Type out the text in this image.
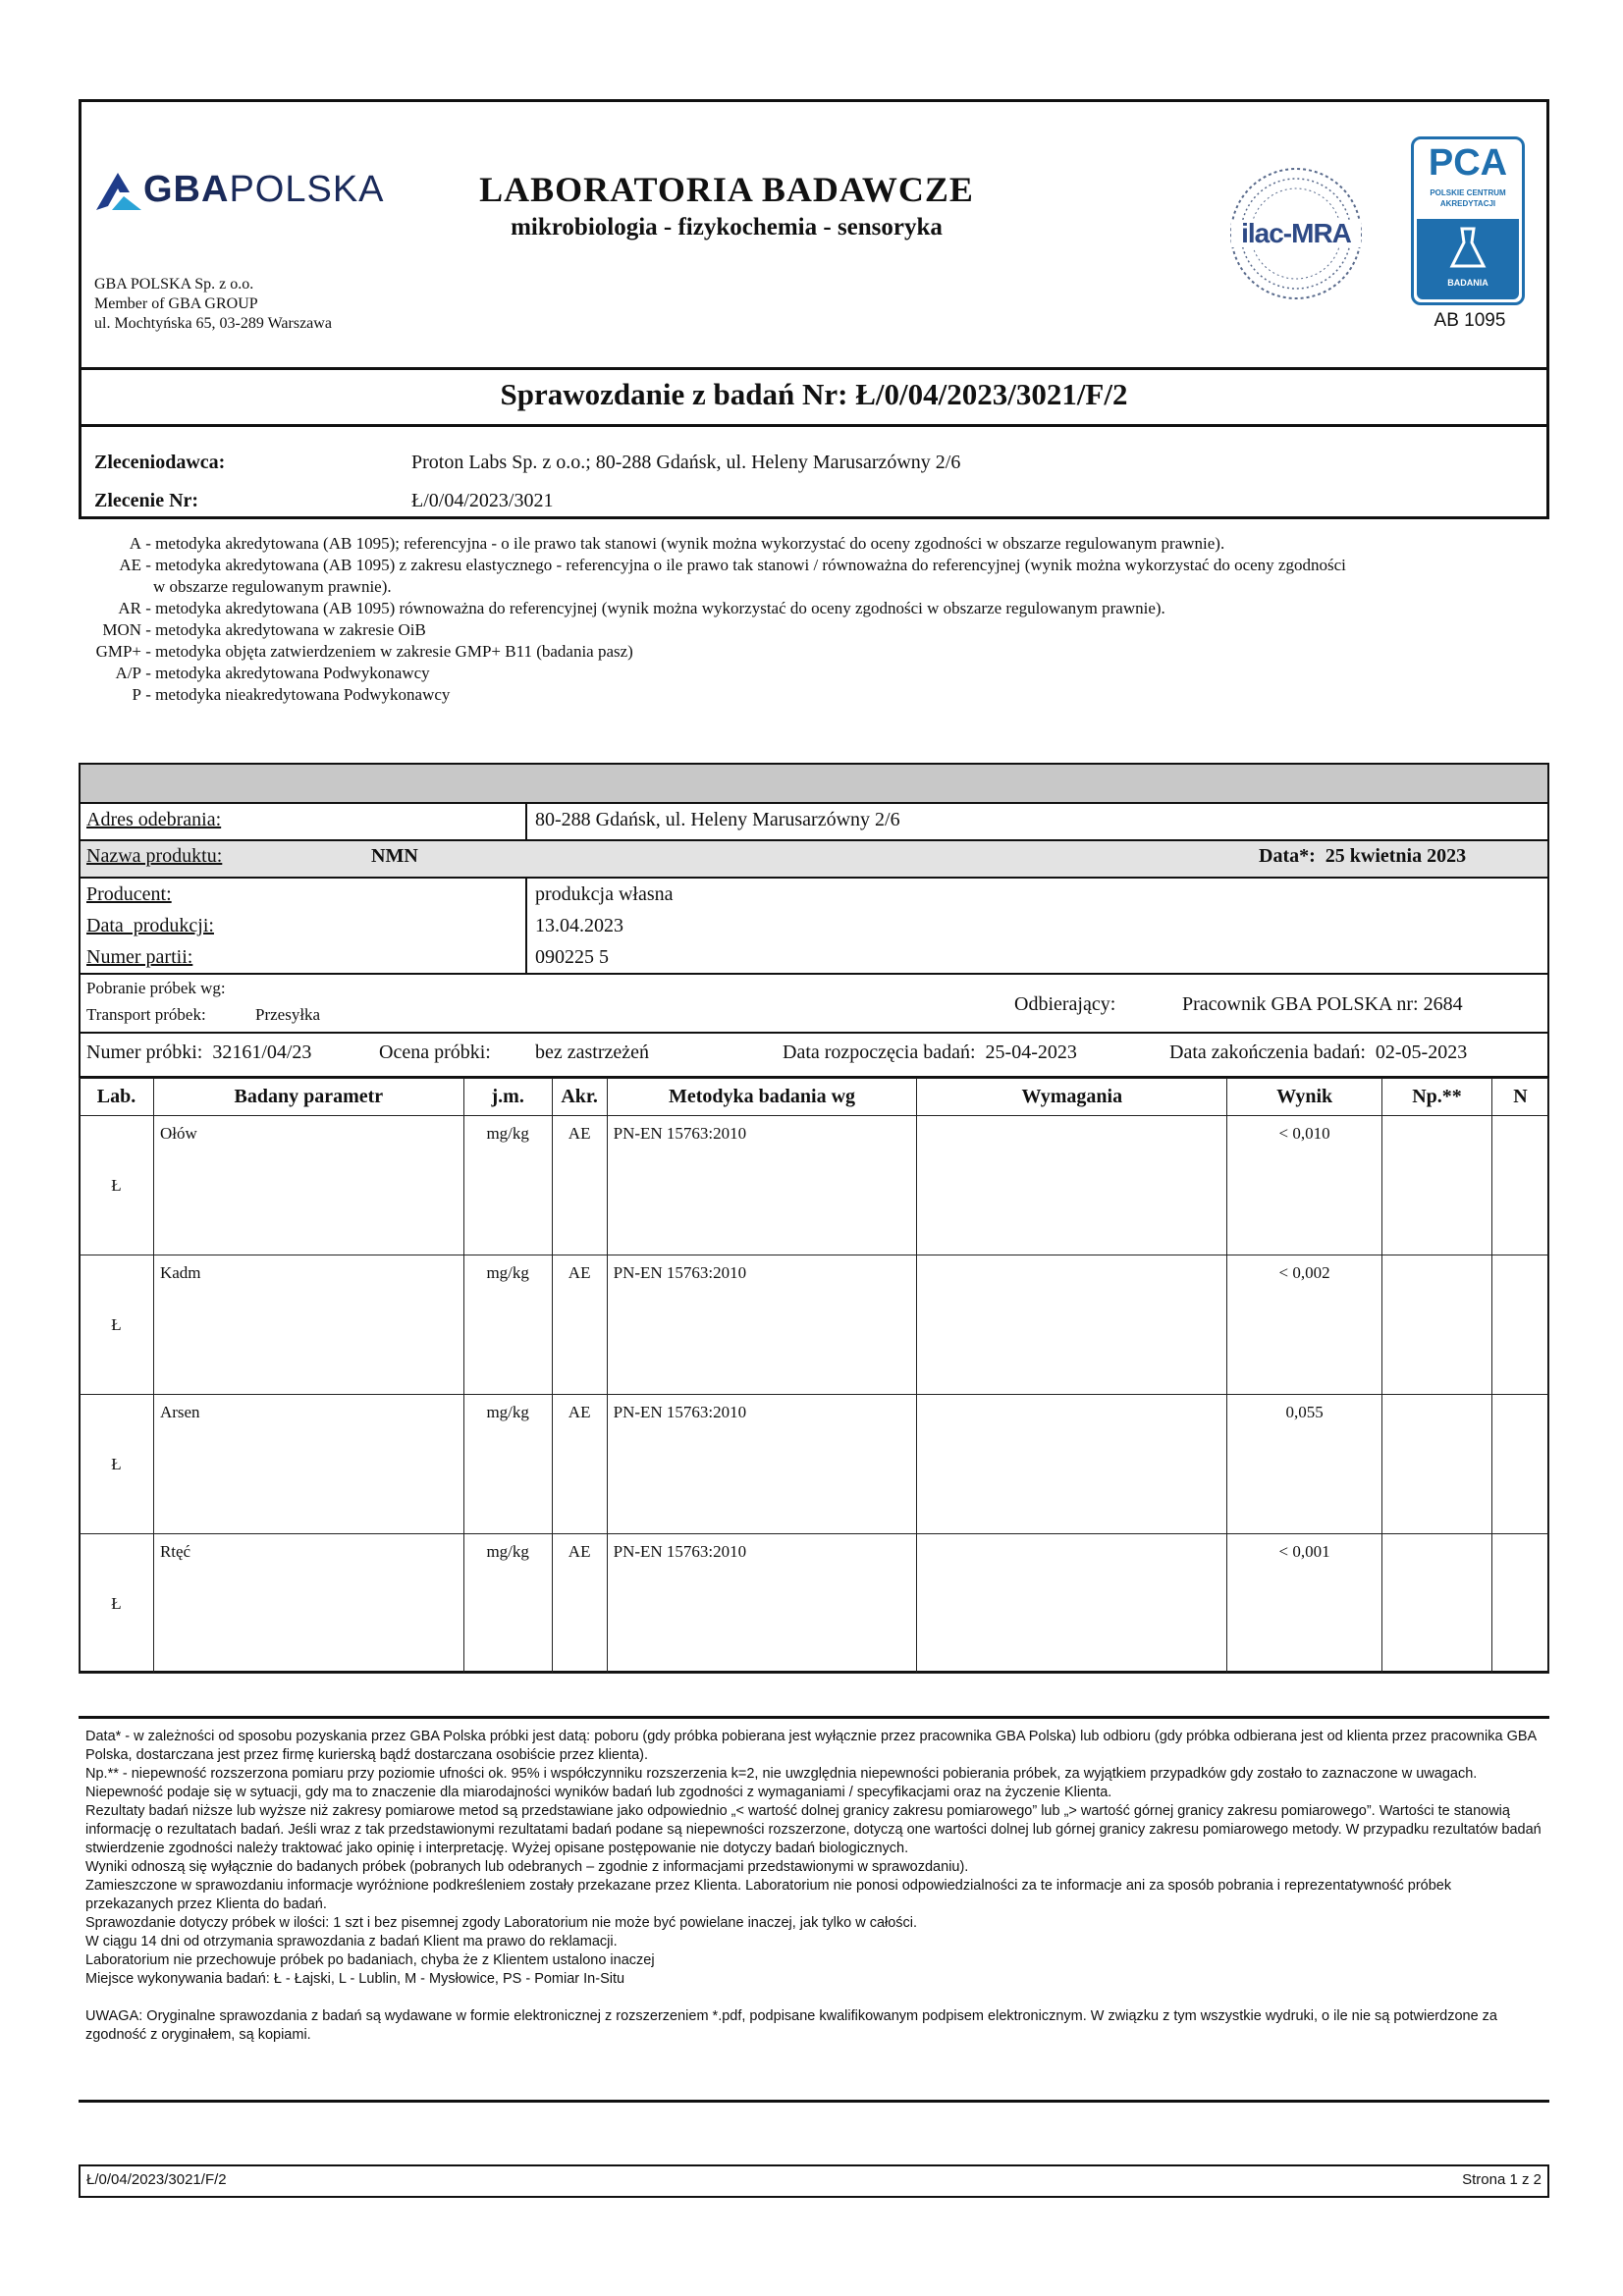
GBAPOLSKA
GBA POLSKA Sp. z o.o.
Member of GBA GROUP
ul. Mochtyńska 65, 03-289 Warszawa
LABORATORIA BADAWCZE
mikrobiologia - fizykochemia - sensoryka	ilac-MRA
PCA
POLSKIE CENTRUM AKREDYTACJI
BADANIA
AB 1095
Sprawozdanie z badań Nr: Ł/0/04/2023/3021/F/2
Zleceniodawca:	Proton Labs Sp. z o.o.; 80-288 Gdańsk, ul. Heleny Marusarzówny 2/6
Zlecenie Nr:	Ł/0/04/2023/3021
A - metodyka akredytowana (AB 1095); referencyjna - o ile prawo tak stanowi (wynik można wykorzystać do oceny zgodności w obszarze regulowanym prawnie).
AE - metodyka akredytowana (AB 1095) z zakresu elastycznego - referencyjna o ile prawo tak stanowi / równoważna do referencyjnej (wynik można wykorzystać do oceny zgodności
w obszarze regulowanym prawnie).
AR - metodyka akredytowana (AB 1095) równoważna do referencyjnej (wynik można wykorzystać do oceny zgodności w obszarze regulowanym prawnie).
MON - metodyka akredytowana w zakresie OiB
GMP+ - metodyka objęta zatwierdzeniem w zakresie GMP+ B11 (badania pasz)
A/P - metodyka akredytowana Podwykonawcy
P - metodyka nieakredytowana Podwykonawcy
Adres odebrania:	80-288 Gdańsk, ul. Heleny Marusarzówny 2/6
Nazwa produktu:	NMN	Data*: 25 kwietnia 2023
Producent:	produkcja własna
Data  produkcji:	13.04.2023
Numer partii:	090225 5
Pobranie próbek wg:
Transport próbek:	Przesyłka	Odbierający:	Pracownik GBA POLSKA nr: 2684
Numer próbki: 32161/04/23	Ocena próbki: bez zastrzeżeń	Data rozpoczęcia badań: 25-04-2023	Data zakończenia badań: 02-05-2023
Lab.	Badany parametr	j.m.	Akr.	Metodyka badania wg	Wymagania	Wynik	Np.**	N
Ł	Ołów	mg/kg	AE	PN-EN 15763:2010		< 0,010		
Ł	Kadm	mg/kg	AE	PN-EN 15763:2010		< 0,002		
Ł	Arsen	mg/kg	AE	PN-EN 15763:2010		0,055		
Ł	Rtęć	mg/kg	AE	PN-EN 15763:2010		< 0,001		
Data* - w zależności od sposobu pozyskania przez GBA Polska próbki jest datą: poboru (gdy próbka pobierana jest wyłącznie przez pracownika GBA Polska) lub odbioru (gdy próbka odbierana jest od klienta przez pracownika GBA Polska, dostarczana jest przez firmę kurierską bądź dostarczana osobiście przez klienta).
Np.** - niepewność rozszerzona pomiaru przy poziomie ufności ok. 95% i współczynniku rozszerzenia k=2, nie uwzględnia niepewności pobierania próbek, za wyjątkiem przypadków gdy zostało to zaznaczone w uwagach.
Niepewność podaje się w sytuacji, gdy ma to znaczenie dla miarodajności wyników badań lub zgodności z wymaganiami / specyfikacjami oraz na życzenie Klienta.
Rezultaty badań niższe lub wyższe niż zakresy pomiarowe metod są przedstawiane jako odpowiednio „< wartość dolnej granicy zakresu pomiarowego” lub „> wartość górnej granicy zakresu pomiarowego”. Wartości te stanowią informację o rezultatach badań. Jeśli wraz z tak przedstawionymi rezultatami badań podane są niepewności rozszerzone, dotyczą one wartości dolnej lub górnej granicy zakresu pomiarowego metody. W przypadku rezultatów badań stwierdzenie zgodności należy traktować jako opinię i interpretację. Wyżej opisane postępowanie nie dotyczy badań biologicznych.
Wyniki odnoszą się wyłącznie do badanych próbek (pobranych lub odebranych – zgodnie z informacjami przedstawionymi w sprawozdaniu).
Zamieszczone w sprawozdaniu informacje wyróżnione podkreśleniem zostały przekazane przez Klienta. Laboratorium nie ponosi odpowiedzialności za te informacje ani za sposób pobrania i reprezentatywność próbek przekazanych przez Klienta do badań.
Sprawozdanie dotyczy próbek w ilości: 1 szt i bez pisemnej zgody Laboratorium nie może być powielane inaczej, jak tylko w całości.
W ciągu 14 dni od otrzymania sprawozdania z badań Klient ma prawo do reklamacji.
Laboratorium nie przechowuje próbek po badaniach, chyba że z Klientem ustalono inaczej
Miejsce wykonywania badań: Ł - Łajski, L - Lublin, M - Mysłowice, PS - Pomiar In-Situ
UWAGA: Oryginalne sprawozdania z badań są wydawane w formie elektronicznej z rozszerzeniem *.pdf, podpisane kwalifikowanym podpisem elektronicznym. W związku z tym wszystkie wydruki, o ile nie są potwierdzone za zgodność z oryginałem, są kopiami.
Ł/0/04/2023/3021/F/2	Strona 1 z 2
